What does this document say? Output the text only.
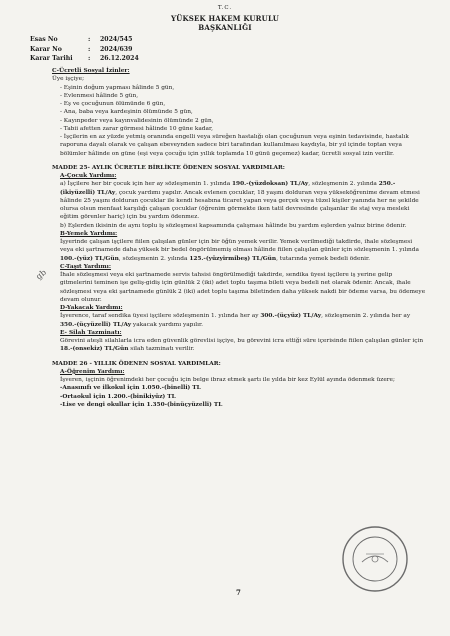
T.C.
YÜKSEK HAKEM KURULU
BAŞKANLIĞI
Esas No	:	2024/545
Karar No	:	2024/639
Karar Tarihi	:	26.12.2024
gb

C-Ücretli Sosyal İzinler:

Üye işçiye;

- Eşinin doğum yapması hâlinde 5 gün,

- Evlenmesi hâlinde 5 gün,

- Eş ve çocuğunun ölümünde 6 gün,

- Ana, baba veya kardeşinin ölümünde 5 gün,

- Kayınpeder veya kayınvalidesinin ölümünde 2 gün,

- Tabii afetten zarar görmesi hâlinde 10 güne kadar,

- İşçilerin en az yüzde yetmiş oranında engelli veya süreğen hastalığı olan çocuğunun veya eşinin tedavisinde, hastalık raporuna dayalı olarak ve çalışan ebeveynden sadece biri tarafından kullanılması kaydıyla, bir yıl içinde toptan veya bölümler hâlinde on güne (eşi veya çocuğu için yıllık toplamda 10 günü geçemez) kadar, ücretli sosyal izin verilir.

MADDE 25- AYLIK ÜCRETLE BİRLİKTE ÖDENEN SOSYAL YARDIMLAR:

A-Çocuk Yardımı:

a) İşçilere her bir çocuk için her ay sözleşmenin 1. yılında 190.-(yüzdoksan) TL/Ay, sözleşmenin 2. yılında 250.-(ikiyüzelli) TL/Ay, çocuk yardımı yapılır. Ancak evlenen çocuklar, 18 yaşını dolduran veya yükseköğrenime devam etmesi hâlinde 25 yaşını dolduran çocuklar ile kendi hesabına ticaret yapan veya gerçek veya tüzel kişiler yanında her ne şekilde olursa olsun menfaat karşılığı çalışan çocuklar (öğrenim görmekte iken tatil devresinde çalışanlar ile staj veya mesleki eğitim görenler hariç) için bu yardım ödenmez.

b) Eşlerden ikisinin de aynı toplu iş sözleşmesi kapsamında çalışması hâlinde bu yardım eşlerden yalnız birine ödenir.

B-Yemek Yardımı:

İşyerinde çalışan işçilere fiilen çalışılan günler için bir öğün yemek verilir. Yemek verilmediği takdirde, ihale sözleşmesi veya eki şartnamede daha yüksek bir bedel öngörülmemiş olması hâlinde fiilen çalışılan günler için sözleşmenin 1. yılında 100.-(yüz) TL/Gün, sözleşmenin 2. yılında 125.-(yüzyirmibeş) TL/Gün, tutarında yemek bedeli ödenir.

C-Taşıt Yardımı:

İhale sözleşmesi veya eki şartnamede servis tahsisi öngörülmediği takdirde, sendika üyesi işçilere iş yerine gelip gitmelerini teminen işe geliş-gidiş için günlük 2 (iki) adet toplu taşıma bileti veya bedeli net olarak ödenir. Ancak, ihale sözleşmesi veya eki şartnamede günlük 2 (iki) adet toplu taşıma biletinden daha yüksek nakdi bir ödeme varsa, bu ödemeye devam olunur.

D-Yakacak Yardımı:

İşverence, taraf sendika üyesi işçilere sözleşmenin 1. yılında her ay 300.-(üçyüz) TL/Ay, sözleşmenin 2. yılında her ay 350.-(üçyüzelli) TL/Ay yakacak yardımı yapılır.

E- Silah Tazminatı:

Görevini ateşli silahlarla icra eden güvenlik görevlisi işçiye, bu görevini icra ettiği süre içerisinde fiilen çalışılan günler için 18.-(onsekiz) TL/Gün silah tazminatı verilir.

MADDE 26 - YILLIK ÖDENEN SOSYAL YARDIMLAR:

A-Öğrenim Yardımı:

İşveren, işçinin öğrenimdeki her çocuğu için belge ibraz etmek şartı ile yılda bir kez Eylül ayında ödenmek üzere;

-Anasınıfı ve ilkokul için 1.050.-(binelli) TL

-Ortaokul için 1.200.-(binikiyüz) TL

-Lise ve dengi okullar için 1.350-(binüçyüzelli) TL

7
